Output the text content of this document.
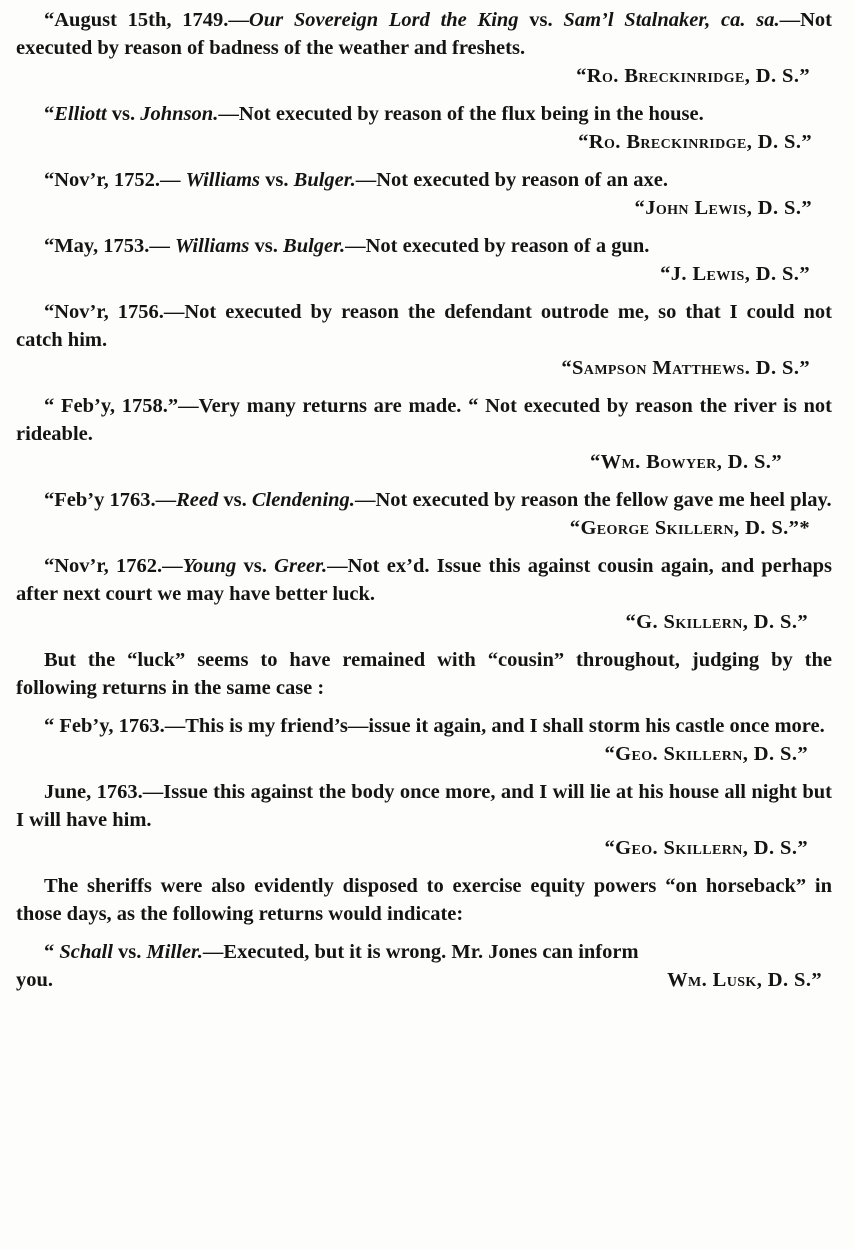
“August 15th, 1749.—Our Sovereign Lord the King vs. Sam’l Stalnaker, ca. sa.—Not executed by reason of badness of the weather and freshets.

“Ro. Breckinridge, D. S.”

“Elliott vs. Johnson.—Not executed by reason of the flux being in the house.

“Ro. Breckinridge, D. S.”

“Nov’r, 1752.— Williams vs. Bulger.—Not executed by reason of an axe.

“John Lewis, D. S.”

“May, 1753.— Williams vs. Bulger.—Not executed by reason of a gun.

“J. Lewis, D. S.”

“Nov’r, 1756.—Not executed by reason the defendant outrode me, so that I could not catch him.

“Sampson Matthews. D. S.”

“ Feb’y, 1758.”—Very many returns are made. “ Not executed by reason the river is not rideable.

“Wm. Bowyer, D. S.”

“Feb’y 1763.—Reed vs. Clendening.—Not executed by reason the fellow gave me heel play.

“George Skillern, D. S.”*

“Nov’r, 1762.—Young vs. Greer.—Not ex’d. Issue this against cousin again, and perhaps after next court we may have better luck.

“G. Skillern, D. S.”

But the “luck” seems to have remained with “cousin” throughout, judging by the following returns in the same case :

“ Feb’y, 1763.—This is my friend’s—issue it again, and I shall storm his castle once more.

“Geo. Skillern, D. S.”

June, 1763.—Issue this against the body once more, and I will lie at his house all night but I will have him.

“Geo. Skillern, D. S.”

The sheriffs were also evidently disposed to exercise equity powers “on horseback” in those days, as the following returns would indicate:

“ Schall vs. Miller.—Executed, but it is wrong. Mr. Jones can inform

you.	Wm. Lusk, D. S.”
